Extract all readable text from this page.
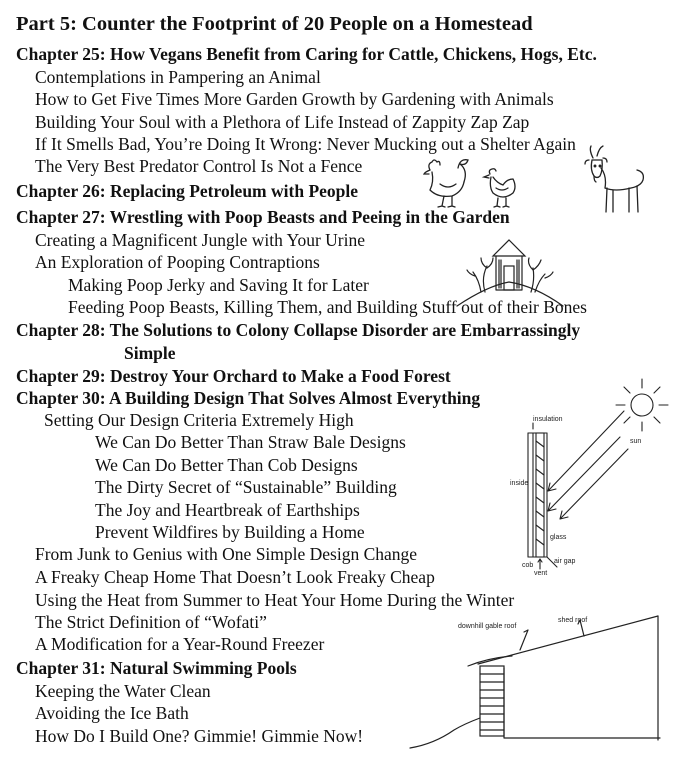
Part 5: Counter the Footprint of 20 People on a Homestead
Chapter 25: How Vegans Benefit from Caring for Cattle, Chickens, Hogs, Etc.
Contemplations in Pampering an Animal
How to Get Five Times More Garden Growth by Gardening with Animals
Building Your Soul with a Plethora of Life Instead of Zappity Zap Zap
If It Smells Bad, You’re Doing It Wrong: Never Mucking out a Shelter Again
The Very Best Predator Control Is Not a Fence
Chapter 26: Replacing Petroleum with People
Chapter 27: Wrestling with Poop Beasts and Peeing in the Garden
Creating a Magnificent Jungle with Your Urine
An Exploration of Pooping Contraptions
Making Poop Jerky and Saving It for Later
Feeding Poop Beasts, Killing Them, and Building Stuff out of their Bones
Chapter 28: The Solutions to Colony Collapse Disorder are Embarrassingly
Simple
Chapter 29: Destroy Your Orchard to Make a Food Forest
Chapter 30: A Building Design That Solves Almost Everything
Setting Our Design Criteria Extremely High
We Can Do Better Than Straw Bale Designs
We Can Do Better Than Cob Designs
The Dirty Secret of “Sustainable” Building
The Joy and Heartbreak of Earthships
Prevent Wildfires by Building a Home
From Junk to Genius with One Simple Design Change
A Freaky Cheap Home That Doesn’t Look Freaky Cheap
Using the Heat from Summer to Heat Your Home During the Winter
The Strict Definition of “Wofati”
A Modification for a Year-Round Freezer
Chapter 31: Natural Swimming Pools
Keeping the Water Clean
Avoiding the Ice Bath
How Do I Build One? Gimmie! Gimmie Now!
insulation
inside
sun
glass
cob
vent
air gap
downhill gable roof
shed roof
